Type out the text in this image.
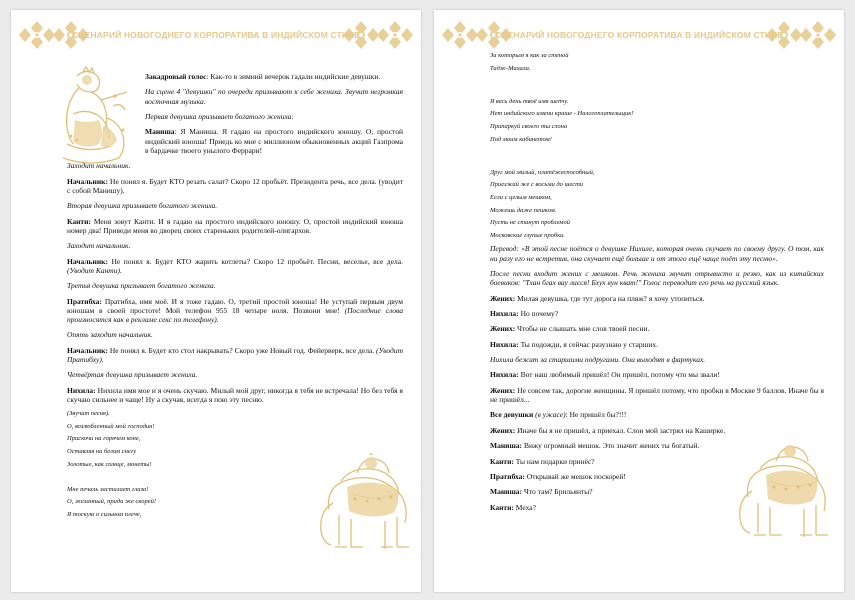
СЦЕНАРИЙ НОВОГОДНЕГО КОРПОРАТИВА В ИНДИЙСКОМ СТИЛЕ

Закадровый голос: Как-то в зимний вечерок гадали индийские девушки.

На сцене 4 "девушки" по очереди призывают к себе жениха. Звучит негромкая восточная музыка.

Первая девушка призывает богатого жениха:

Маниша: Я Маниша. Я гадаю на простого индийского юношу. О, простой индийский юноша! Приедь ко мне с миллионом обыкновенных акций Газпрома в бардачке твоего унылого Феррари!

Заходит начальник.

Начальник: Не понял я. Будет КТО резать салат? Скоро 12 пробьёт. Президента речь, все дела. (уводит с собой Манишу).

Вторая девушка призывает богатого жениха.

Канти: Меня зовут Канти. И я гадаю на простого индийского юношу. О, простой индийский юноша номер два! Приведи меня во дворец своих стареньких родителей-олигархов.

Заходит начальник.

Начальник: Не понял я. Будет КТО жарить котлеты? Скоро 12 пробьёт. Песни, веселье, все дела. (Уводит Канти).

Третья девушка призывает богатого жениха.

Пратибха: Пратибха, имя моё. И я тоже гадаю. О, третий простой юноша! Не уступай первым двум юношам в своей простоте! Мой телефон 955 18 четыре ноля. Позвони мне! (Последние слова произносятся как в рекламе секс по телефону).

Опять заходит начальник.

Начальник: Не понял я. Будет кто стол накрывать? Скоро уже Новый год. Фейерверк, все дела. (Уводит Пратибху).

Четвёртая девушка призывает жениха.

Нихила: Нихила имя мое и я очень скучаю. Милый мой друг, никогда я тебя не встречала! Но без тебя я скучаю сильнее и чаще! Ну а скучая, всегда я пою эту песню.

(Звучит песня).

О, возлюбленный мой господин!

Прискочи на горячем коне,

Оставляя на белом снегу

Золотые, как солнце, монеты!

Мне печаль застилает глаза!

О, желанный, приди же скорей!

Я тоскую о сильном плече,

СЦЕНАРИЙ НОВОГОДНЕГО КОРПОРАТИВА В ИНДИЙСКОМ СТИЛЕ

За которым я как за стеной

Тадж-Махала.

Я весь день твоё имя шепчу.

Нет индийского имени краше - Налогоплательщик!

Припаркуй своего ты слона

Под моим кабинетом!

Друг мой милый, платёжеспособный,

Приезжай же с восьми до шести

Если с целым мешком,

Можешь даже пешком.

Пусть не станут проблемой

Московские глупые пробки.

Перевод: «В этой песне поётся о девушке Нихиле, которая очень скучает по своему другу. О том, как ни разу его не встретив, она скучает ещё больше и от этого ещё чаще поёт эту песню».

После песни входит жених с мешком. Речь жениха звучит отрывисто и резко, как из китайских боевиков: "Тхан бгах вау лисся! Бхух вун кват!" Голос переводит его речь на русский язык.

Жених: Милая девушка, где тут дорога на пляж? я хочу утопиться.

Нихила: Но почему?

Жених: Чтобы не слышать мне слов твоей песни.

Нихила: Ты подожди, я сейчас разузнаю у старших.

Нихила бежит за старшими подругами. Они выходят в фартуках.

Нихила: Вот наш любимый пришёл! Он пришёл, потому что мы звали!

Жених: Не совсем так, дорогие женщины. Я пришёл потому, что пробки в Москве 9 баллов. Иначе бы я не пришёл...

Все девушки (в ужасе): Не пришёл бы?!!!

Жених: Иначе бы я не пришёл, а приехал. Слон мой застрял на Каширке.

Маниша: Вижу огромный мешок. Это значит жених ты богатый.

Канти: Ты нам подарки принёс?

Пратибха: Открывай же мешок поскорей!

Маниша: Что там? Брильянты?

Канти: Меха?
